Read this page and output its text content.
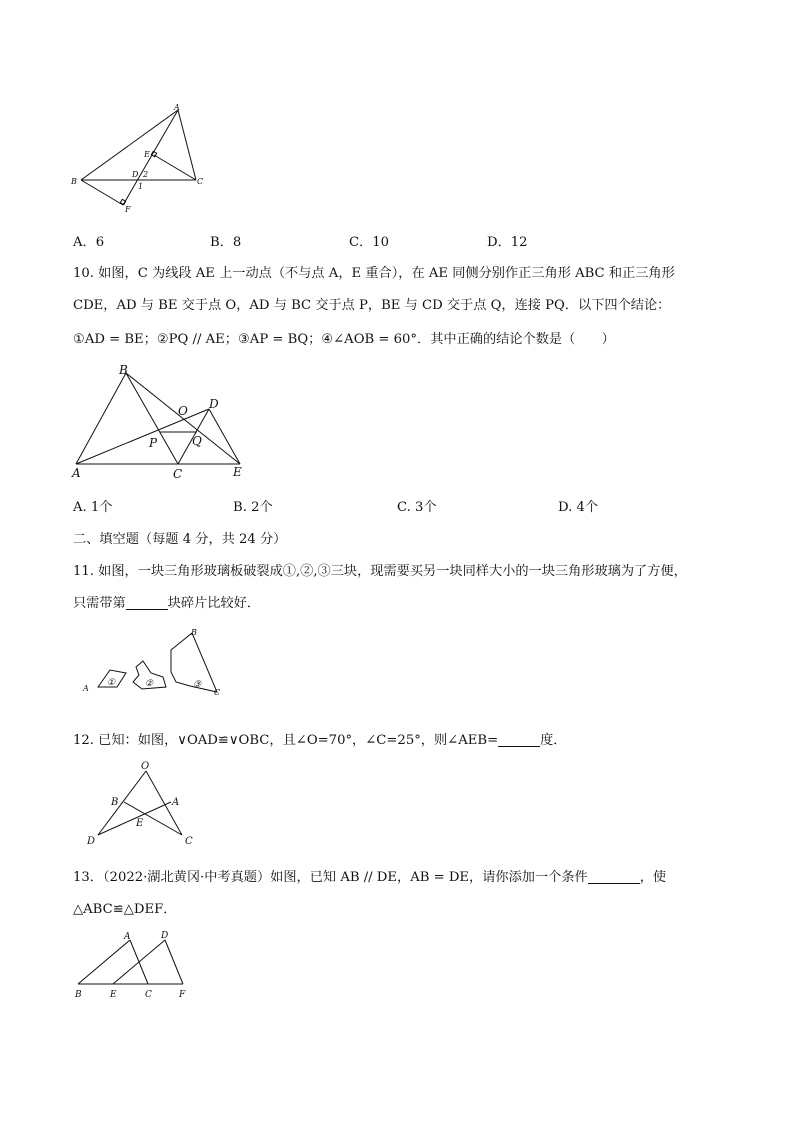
A
B	C
D
E
F
2
1
A．6	B．8	C．10	D．12
10. 如图，C 为线段 AE 上一动点（不与点 A，E 重合），在 AE 同侧分别作正三角形 ABC 和正三角形
CDE，AD 与 BE 交于点 O，AD 与 BC 交于点 P，BE 与 CD 交于点 Q，连接 PQ．以下四个结论：
①AD = BE；②PQ // AE；③AP = BQ；④∠AOB = 60°．其中正确的结论个数是（　　）
A
B
C
D
E
O
P	Q
A. 1个	B. 2个	C. 3个	D. 4个
二、填空题（每题 4 分，共 24 分）
11. 如图，一块三角形玻璃板破裂成①,②,③三块，现需要买另一块同样大小的一块三角形玻璃为了方便，
只需带第	块碎片比较好．
A
B
C
①	②	③
12. 已知：如图，∨OAD≌∨OBC，且∠O=70°，∠C=25°，则∠AEB=	度．
O
B	A
E
D	C
13．（2022·湖北黄冈·中考真题）如图，已知 AB // DE，AB = DE，请你添加一个条件	，使
△ABC≌△DEF．
A	D
B	E	C	F
